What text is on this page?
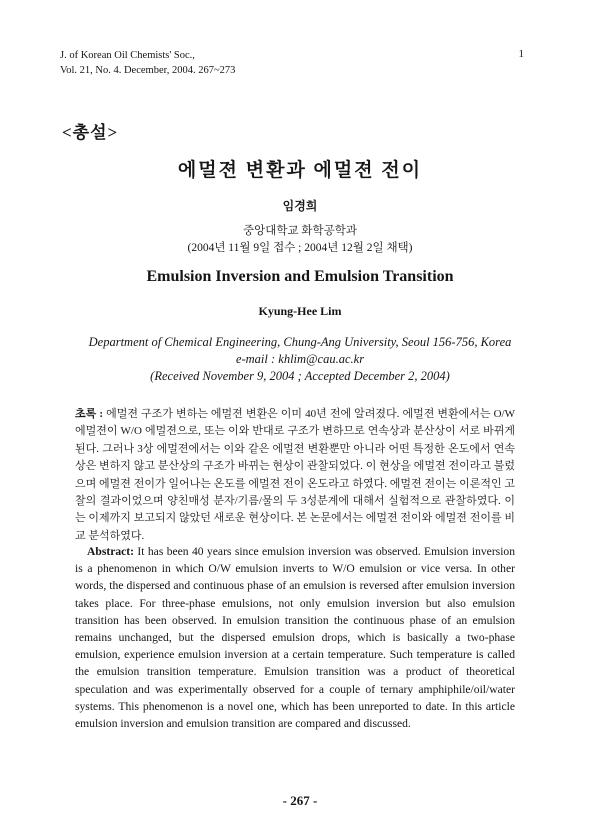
J. of Korean Oil Chemists' Soc.,
Vol. 21, No. 4. December, 2004. 267~273
1
<총설>
에멀젼 변환과 에멀젼 전이
임경희
중앙대학교 화학공학과
(2004년 11월 9일 접수 ; 2004년 12월 2일 채택)
Emulsion Inversion and Emulsion Transition
Kyung-Hee Lim
Department of Chemical Engineering, Chung-Ang University, Seoul 156-756, Korea
e-mail : khlim@cau.ac.kr
(Received November 9, 2004 ; Accepted December 2, 2004)
초록 : 에멀젼 구조가 변하는 에멀젼 변환은 이미 40년 전에 알려졌다. 에멀젼 변환에서는 O/W 에멀젼이 W/O 에멀젼으로, 또는 이와 반대로 구조가 변하므로 연속상과 분산상이 서로 바뀌게 된다. 그러나 3상 에멀젼에서는 이와 같은 에멀젼 변환뿐만 아니라 어떤 특정한 온도에서 연속상은 변하지 않고 분산상의 구조가 바뀌는 현상이 관찰되었다. 이 현상을 에멀젼 전이라고 불렀으며 에멀젼 전이가 일어나는 온도를 에멀젼 전이 온도라고 하였다. 에멀젼 전이는 이론적인 고찰의 결과이었으며 양친매성 분자/기름/물의 두 3성분계에 대해서 실험적으로 관찰하였다. 이는 이제까지 보고되지 않았던 새로운 현상이다. 본 논문에서는 에멀젼 전이와 에멀젼 전이를 비교 분석하였다.
Abstract: It has been 40 years since emulsion inversion was observed. Emulsion inversion is a phenomenon in which O/W emulsion inverts to W/O emulsion or vice versa. In other words, the dispersed and continuous phase of an emulsion is reversed after emulsion inversion takes place. For three-phase emulsions, not only emulsion inversion but also emulsion transition has been observed. In emulsion transition the continuous phase of an emulsion remains unchanged, but the dispersed emulsion drops, which is basically a two-phase emulsion, experience emulsion inversion at a certain temperature. Such temperature is called the emulsion transition temperature. Emulsion transition was a product of theoretical speculation and was experimentally observed for a couple of ternary amphiphile/oil/water systems. This phenomenon is a novel one, which has been unreported to date. In this article emulsion inversion and emulsion transition are compared and discussed.
- 267 -
